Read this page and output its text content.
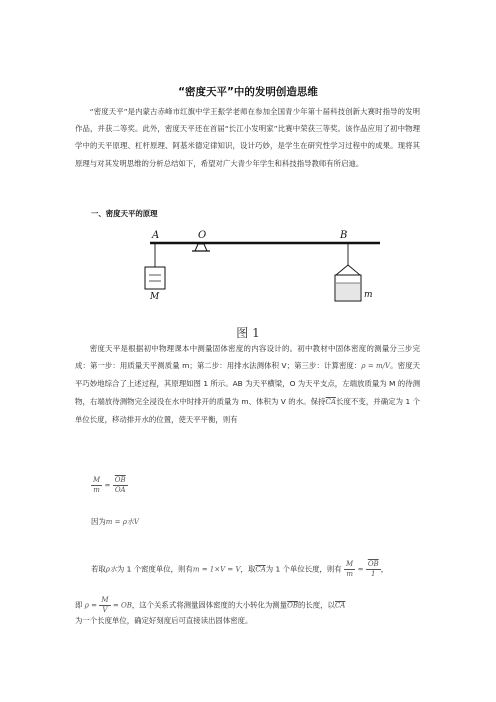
“密度天平”中的发明创造思维

“密度天平”是内蒙古赤峰市红旗中学王振学老师在参加全国青少年第十届科技创新大赛时指导的发明作品，并获二等奖。此外，密度天平还在首届“长江小发明家”比赛中荣获三等奖。该作品应用了初中物理学中的天平原理、杠杆原理、阿基米德定律知识，设计巧妙，是学生在研究性学习过程中的成果。现将其原理与对其发明思维的分析总结如下，希望对广大青少年学生和科技指导教师有所启迪。

一、密度天平的原理
A	O	B
M	m
图 1

密度天平是根据初中物理课本中测量固体密度的内容设计的。初中教材中固体密度的测量分三步完成：第一步：用质量天平测质量 m；第二步：用排水法测体积 V；第三步：计算密度：ρ = m/V。密度天平巧妙地综合了上述过程，其原理如图 1 所示。AB 为天平横梁，O 为天平支点，左端放质量为 M 的待测物，右端放待测物完全浸没在水中时排开的质量为 m、体积为 V 的水。保持$\overline{CA}$长度不变，并确定为 1 个单位长度，移动排开水的位置，使天平平衡，则有

$\frac{M}{m} = \frac{\overline{OB}}{OA}$
因为m = ρ水V
若取ρ水为 1 个密度单位，则有m = 1×V = V，取$\overline{CA}$为 1 个单位长度，则有 $\frac{M}{m} = \frac{\overline{OB}}{1}$ ，
即 $\rho = \frac{M}{V}$ = OB，这个关系式将测量固体密度的大小转化为测量$\overline{OB}$的长度，以$\overline{CA}$

为一个长度单位，确定好刻度后可直接读出固体密度。
